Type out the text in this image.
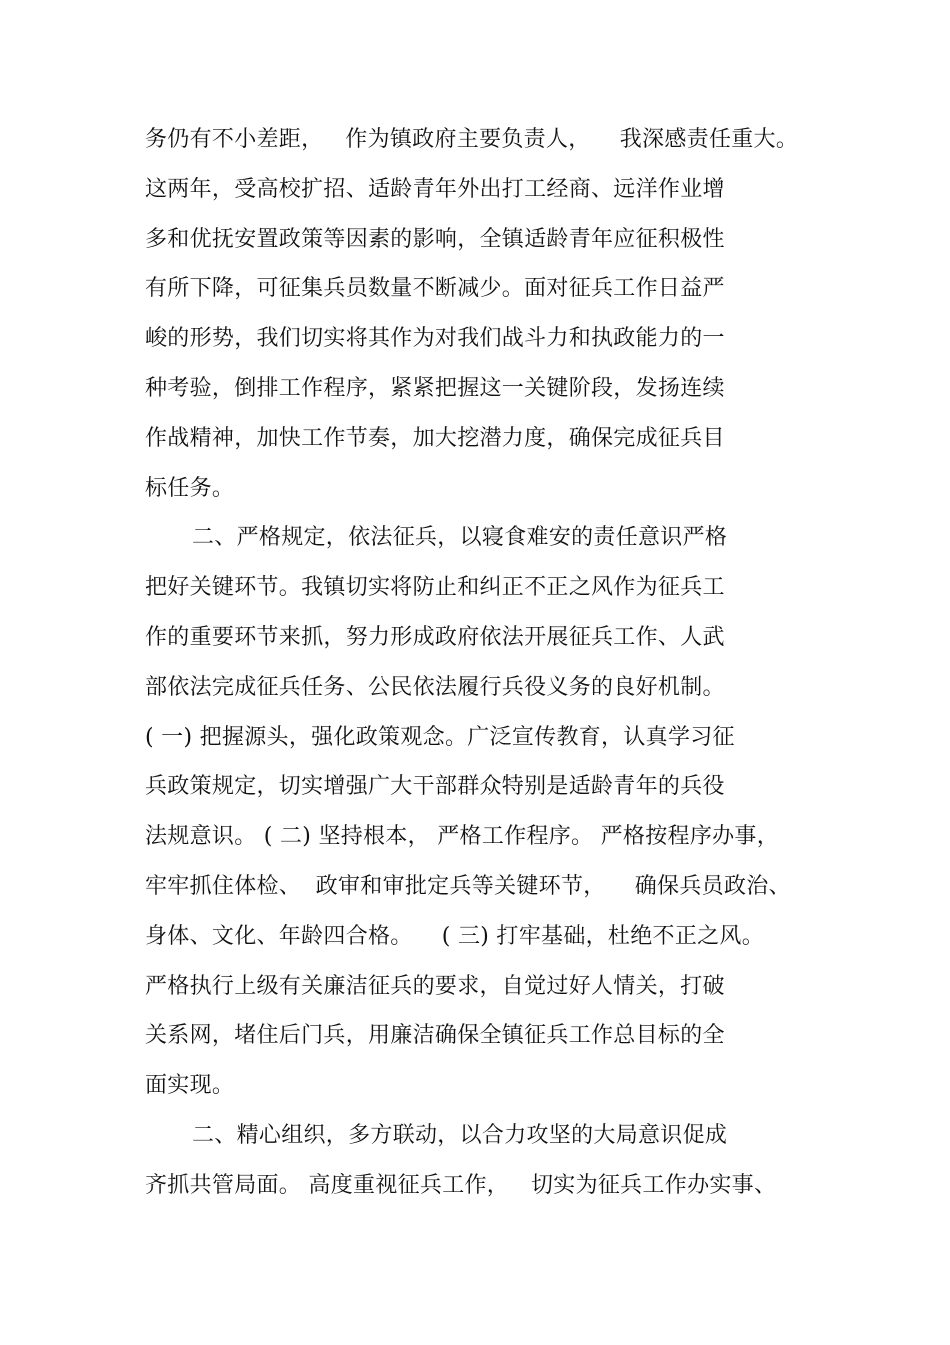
务仍有不小差距，   作为镇政府主要负责人，    我深感责任重大。
这两年，受高校扩招、适龄青年外出打工经商、远洋作业增
多和优抚安置政策等因素的影响，全镇适龄青年应征积极性
有所下降，可征集兵员数量不断减少。面对征兵工作日益严
峻的形势，我们切实将其作为对我们战斗力和执政能力的一
种考验，倒排工作程序，紧紧把握这一关键阶段，发扬连续
作战精神，加快工作节奏，加大挖潜力度，确保完成征兵目
标任务。
二、严格规定，依法征兵，以寝食难安的责任意识严格
把好关键环节。我镇切实将防止和纠正不正之风作为征兵工
作的重要环节来抓，努力形成政府依法开展征兵工作、人武
部依法完成征兵任务、公民依法履行兵役义务的良好机制。
( 一) 把握源头，强化政策观念。广泛宣传教育，认真学习征
兵政策规定，切实增强广大干部群众特别是适龄青年的兵役
法规意识。 ( 二) 坚持根本， 严格工作程序。 严格按程序办事，
牢牢抓住体检、  政审和审批定兵等关键环节，    确保兵员政治、
身体、文化、年龄四合格。    ( 三) 打牢基础，杜绝不正之风。
严格执行上级有关廉洁征兵的要求，自觉过好人情关，打破
关系网，堵住后门兵，用廉洁确保全镇征兵工作总目标的全
面实现。
二、精心组织，多方联动，以合力攻坚的大局意识促成
齐抓共管局面。 高度重视征兵工作，   切实为征兵工作办实事、
